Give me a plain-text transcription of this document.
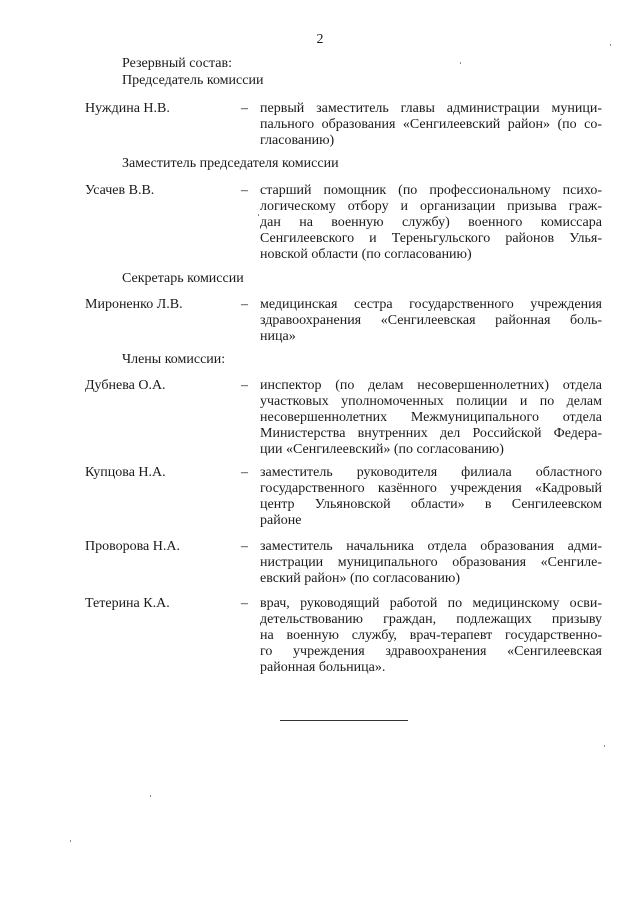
2
Резервный состав:
Председатель комиссии
Нуждина Н.В.	– первый заместитель главы администрации муници-
пального образования «Сенгилеевский район» (по со-
гласованию)
Заместитель председателя комиссии
Усачев В.В.	– старший помощник (по профессиональному психо-
логическому отбору и организации призыва граж-
дан на военную службу) военного комиссара
Сенгилеевского и Тереньгульского районов Улья-
новской области (по согласованию)
Секретарь комиссии
Мироненко Л.В.	– медицинская сестра государственного учреждения
здравоохранения «Сенгилеевская районная боль-
ница»
Члены комиссии:
Дубнева О.А.	– инспектор (по делам несовершеннолетних) отдела
участковых уполномоченных полиции и по делам
несовершеннолетних Межмуниципального отдела
Министерства внутренних дел Российской Федера-
ции «Сенгилеевский» (по согласованию)
Купцова Н.А.	– заместитель руководителя филиала областного
государственного казённого учреждения «Кадровый
центр Ульяновской области» в Сенгилеевском
районе
Проворова Н.А.	– заместитель начальника отдела образования адми-
нистрации муниципального образования «Сенгиле-
евский район» (по согласованию)
Тетерина К.А.	– врач, руководящий работой по медицинскому осви-
детельствованию граждан, подлежащих призыву
на военную службу, врач-терапевт государственно-
го учреждения здравоохранения «Сенгилеевская
районная больница».
